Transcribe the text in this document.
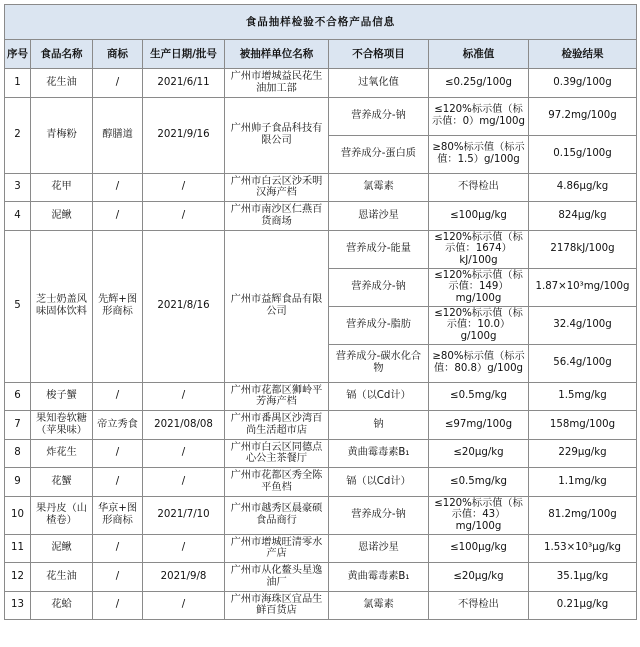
食品抽样检验不合格产品信息							
序号	食品名称	商标	生产日期/批号	被抽样单位名称	不合格项目	标准值	检验结果
1	花生油	/	2021/6/11	广州市增城益民花生油加工部	过氧化值	≤0.25g/100g	0.39g/100g
2	青梅粉	醇膳道	2021/9/16	广州帅子食品科技有限公司	营养成分-钠	≤120%标示值（标示值：0）mg/100g	97.2mg/100g
					营养成分-蛋白质	≥80%标示值（标示值：1.5）g/100g	0.15g/100g
3	花甲	/	/	广州市白云区沙禾明汉海产档	氯霉素	不得检出	4.86μg/kg
4	泥鳅	/	/	广州市南沙区仁燕百货商场	恩诺沙星	≤100μg/kg	824μg/kg
5	芝士奶盖风味固体饮料	先辉+图形商标	2021/8/16	广州市益辉食品有限公司	营养成分-能量	≤120%标示值（标示值：1674）kJ/100g	2178kJ/100g
					营养成分-钠	≤120%标示值（标示值：149）mg/100g	1.87×10³mg/100g
					营养成分-脂肪	≤120%标示值（标示值：10.0）g/100g	32.4g/100g
					营养成分-碳水化合物	≥80%标示值（标示值：80.8）g/100g	56.4g/100g
6	梭子蟹	/	/	广州市花都区狮岭平芳海产档	镉（以Cd计）	≤0.5mg/kg	1.5mg/kg
7	果知卷软糖（苹果味）	帝立秀食	2021/08/08	广州市番禺区沙湾百尚生活超市店	钠	≤97mg/100g	158mg/100g
8	炸花生	/	/	广州市白云区同德点心公主茶餐厅	黄曲霉毒素B₁	≤20μg/kg	229μg/kg
9	花蟹	/	/	广州市花都区秀全陈平鱼档	镉（以Cd计）	≤0.5mg/kg	1.1mg/kg
10	果丹皮（山楂卷）	华京+图形商标	2021/7/10	广州市越秀区晨豪硕食品商行	营养成分-钠	≤120%标示值（标示值：43）mg/100g	81.2mg/100g
11	泥鳅	/	/	广州市增城旺清零水产店	恩诺沙星	≤100μg/kg	1.53×10³μg/kg
12	花生油	/	2021/9/8	广州市从化鳌头星逸油厂	黄曲霉毒素B₁	≤20μg/kg	35.1μg/kg
13	花蛤	/	/	广州市海珠区宜品生鲜百货店	氯霉素	不得检出	0.21μg/kg
